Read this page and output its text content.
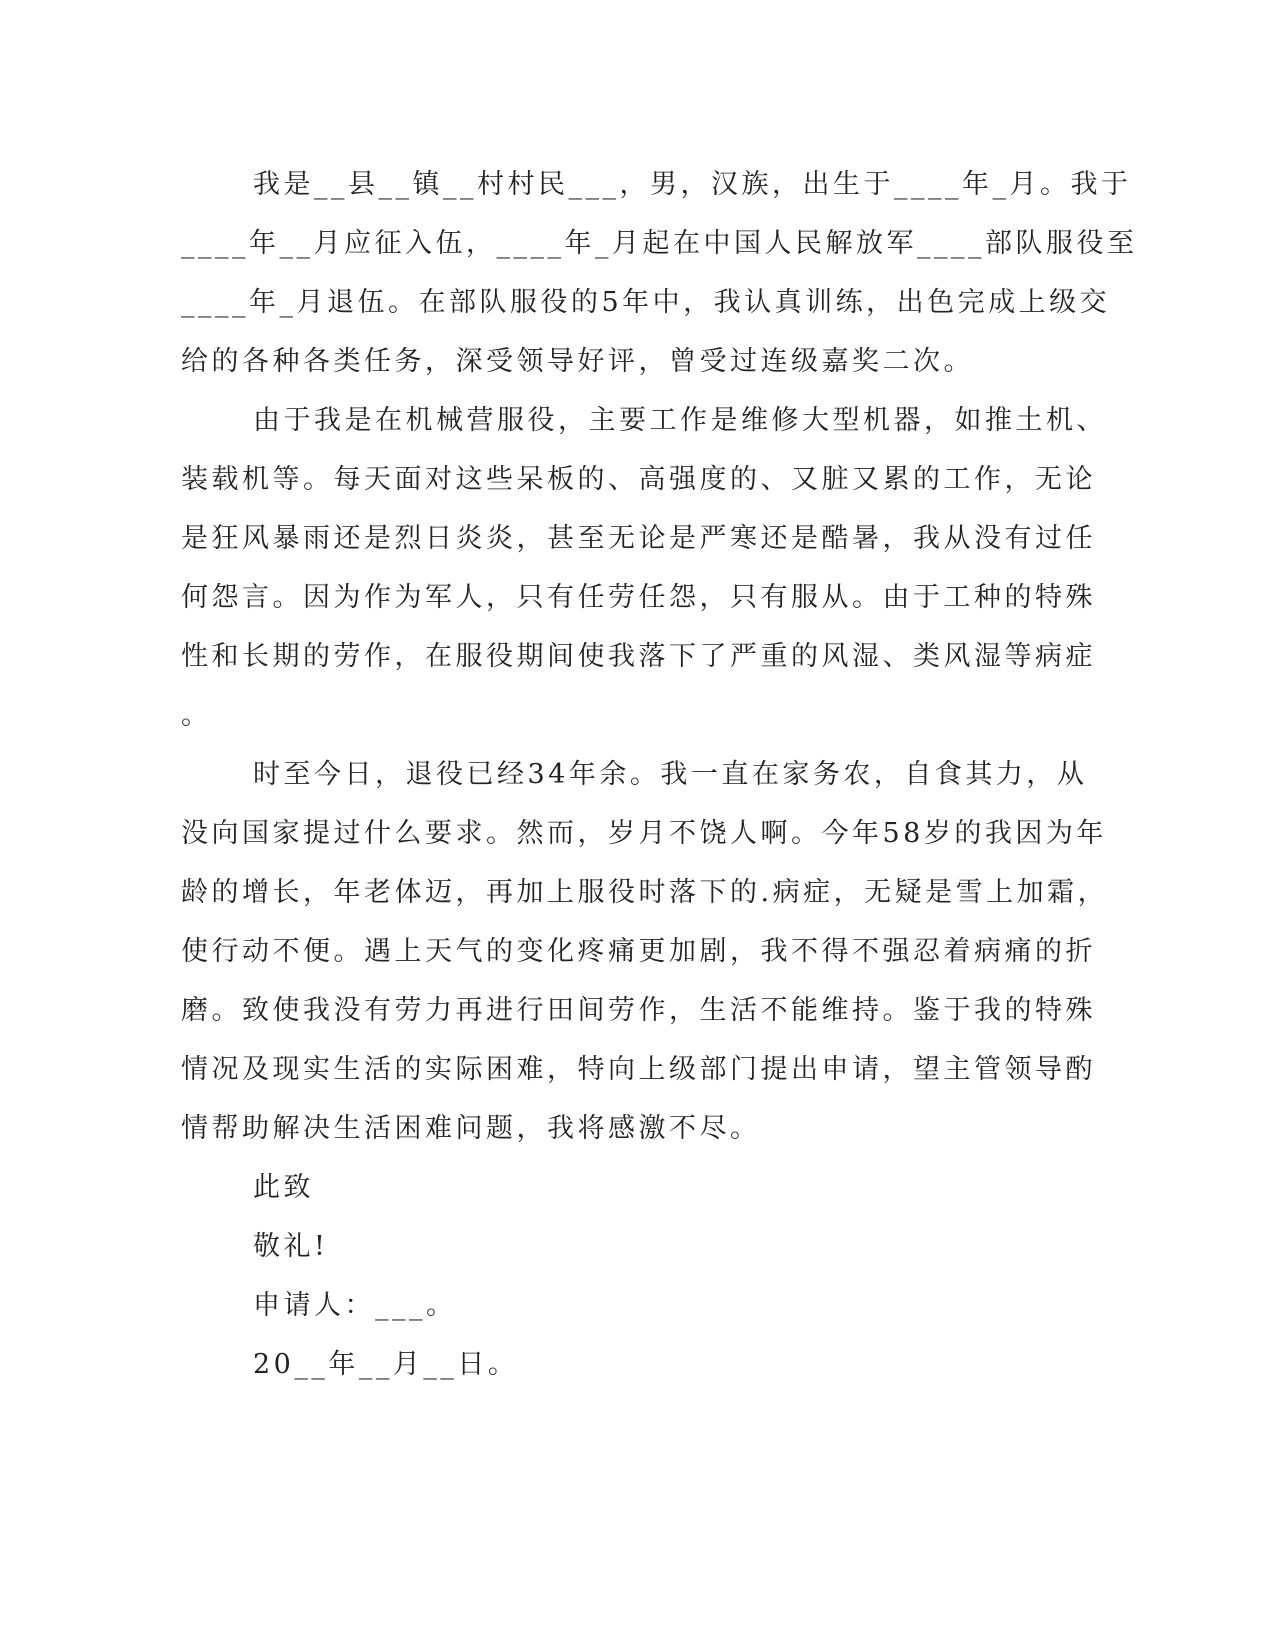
我是__县__镇__村村民___，男，汉族，出生于____年_月。我于
____年__月应征入伍，____年_月起在中国人民解放军____部队服役至
____年_月退伍。在部队服役的5年中，我认真训练，出色完成上级交
给的各种各类任务，深受领导好评，曾受过连级嘉奖二次。
由于我是在机械营服役，主要工作是维修大型机器，如推土机、
装载机等。每天面对这些呆板的、高强度的、又脏又累的工作，无论
是狂风暴雨还是烈日炎炎，甚至无论是严寒还是酷暑，我从没有过任
何怨言。因为作为军人，只有任劳任怨，只有服从。由于工种的特殊
性和长期的劳作，在服役期间使我落下了严重的风湿、类风湿等病症
。
时至今日，退役已经34年余。我一直在家务农，自食其力，从
没向国家提过什么要求。然而，岁月不饶人啊。今年58岁的我因为年
龄的增长，年老体迈，再加上服役时落下的.病症，无疑是雪上加霜，
使行动不便。遇上天气的变化疼痛更加剧，我不得不强忍着病痛的折
磨。致使我没有劳力再进行田间劳作，生活不能维持。鉴于我的特殊
情况及现实生活的实际困难，特向上级部门提出申请，望主管领导酌
情帮助解决生活困难问题，我将感激不尽。
此致
敬礼!
申请人：___。
20__年__月__日。
